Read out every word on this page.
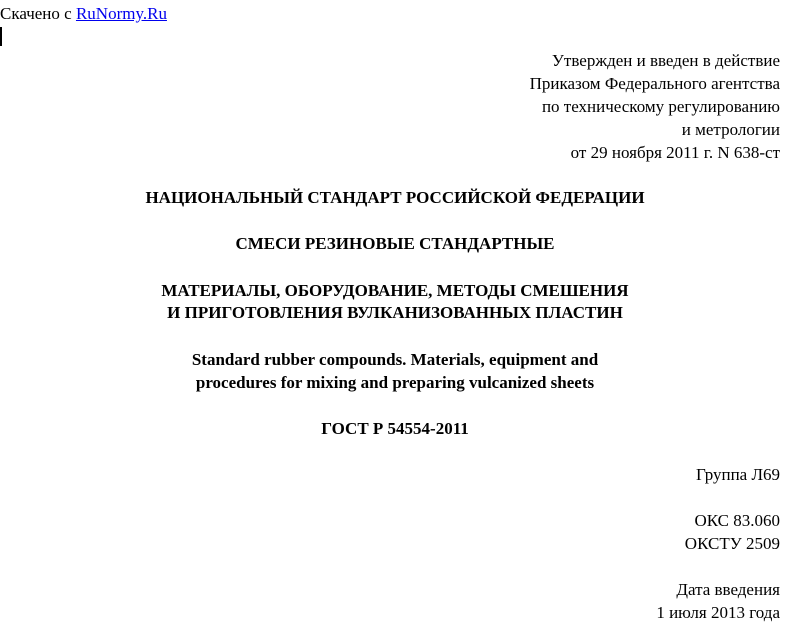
Скачено с RuNormy.Ru
Утвержден и введен в действие
Приказом Федерального агентства
по техническому регулированию
и метрологии
от 29 ноября 2011 г. N 638-ст
НАЦИОНАЛЬНЫЙ СТАНДАРТ РОССИЙСКОЙ ФЕДЕРАЦИИ
СМЕСИ РЕЗИНОВЫЕ СТАНДАРТНЫЕ
МАТЕРИАЛЫ, ОБОРУДОВАНИЕ, МЕТОДЫ СМЕШЕНИЯ
И ПРИГОТОВЛЕНИЯ ВУЛКАНИЗОВАННЫХ ПЛАСТИН
Standard rubber compounds. Materials, equipment and
procedures for mixing and preparing vulcanized sheets
ГОСТ Р 54554-2011
Группа Л69
ОКС 83.060
ОКСТУ 2509
Дата введения
1 июля 2013 года
